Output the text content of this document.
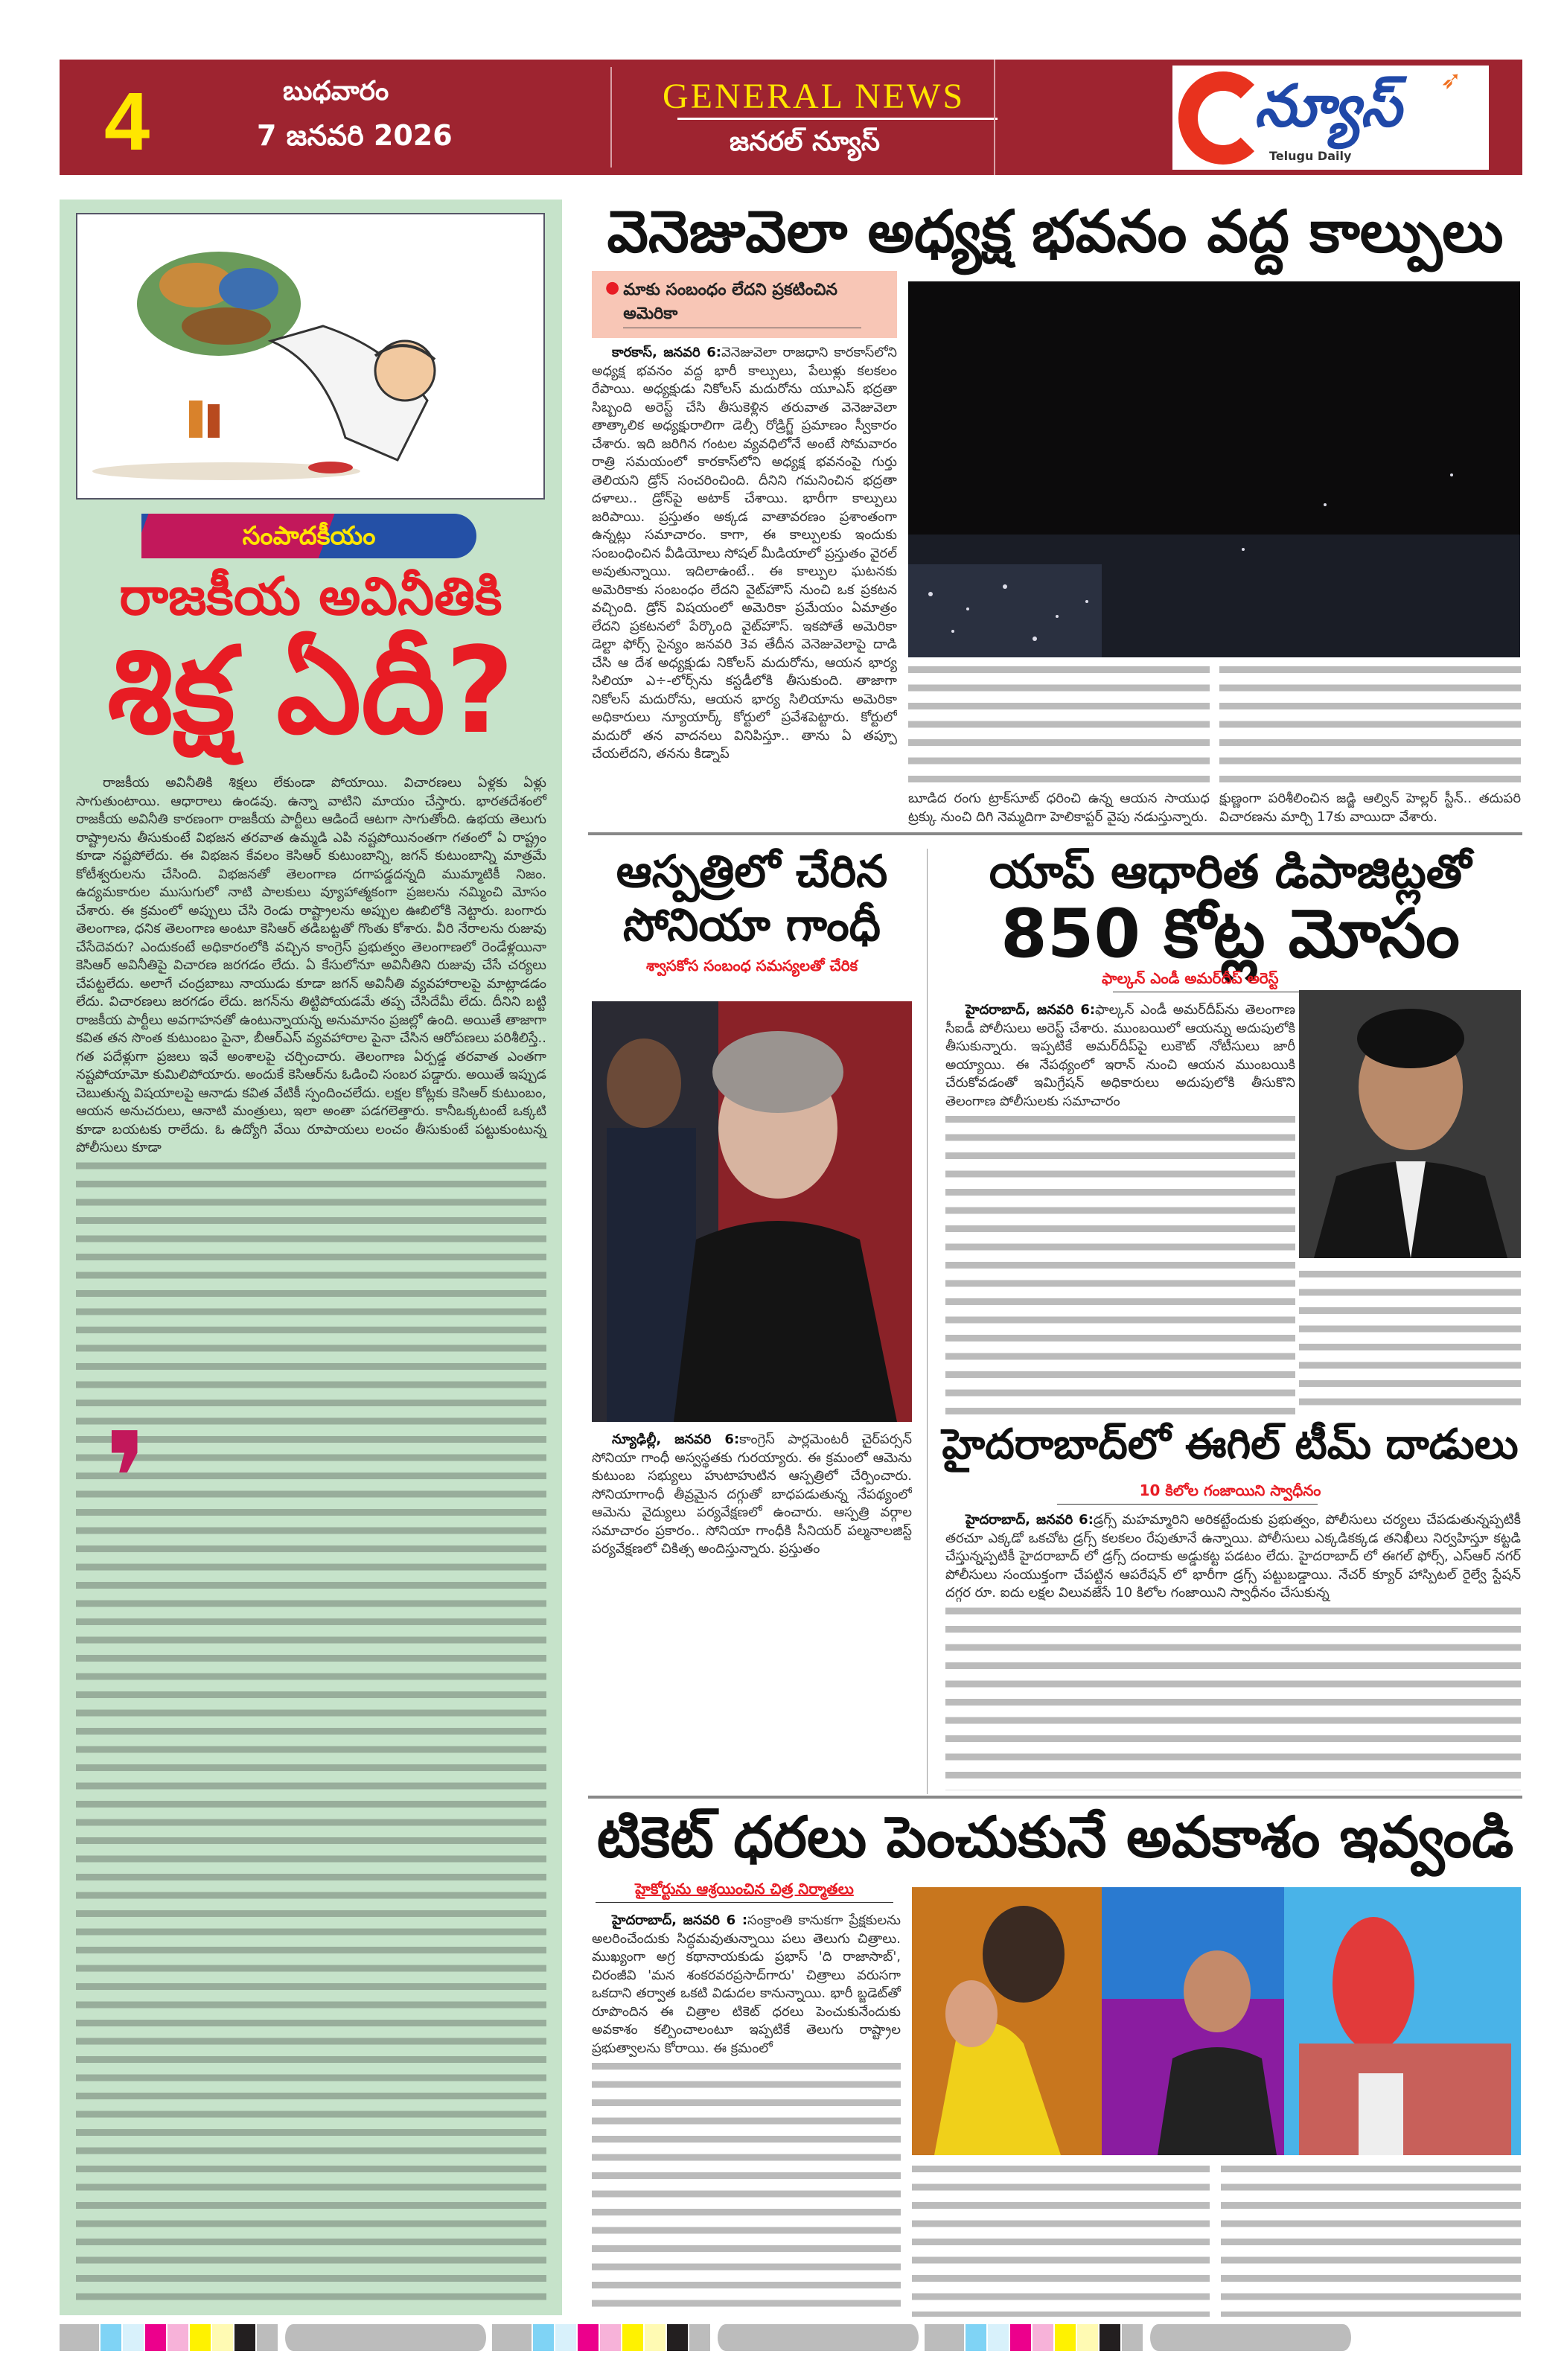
4	బుధవారం
7 జనవరి 2026
GENERAL NEWS
జనరల్ న్యూస్
న్యూస్ ➶
Telugu Daily
సంపాదకీయం
రాజకీయ అవినీతికి
శిక్ష ఏదీ?

రాజకీయ అవినీతికి శిక్షలు లేకుండా పోయాయి. విచారణలు ఏళ్లకు ఏళ్లు సాగుతుంటాయి. ఆధారాలు ఉండవు. ఉన్నా వాటిని మాయం చేస్తారు. భారతదేశంలో రాజకీయ అవినీతి కారణంగా రాజకీయ పార్టీలు ఆడిందే ఆటగా సాగుతోంది. ఉభయ తెలుగు రాష్ట్రాలను తీసుకుంటే విభజన తరవాత ఉమ్మడి ఎపి నష్టపోయినంతగా గతంలో ఏ రాష్ట్రం కూడా నష్టపోలేదు. ఈ విభజన కేవలం కెసిఆర్ కుటుంబాన్ని, జగన్ కుటుంబాన్ని మాత్రమే కోటీశ్వరులను చేసింది. విభజనతో తెలంగాణ దగాపడ్డదన్నది ముమ్మాటికీ నిజం. ఉద్యమకారుల ముసుగులో నాటి పాలకులు వ్యూహాత్మకంగా ప్రజలను నమ్మించి మోసం చేశారు. ఈ క్రమంలో అప్పులు చేసి రెండు రాష్ట్రాలను అప్పుల ఊబిలోకి నెట్టారు. బంగారు తెలంగాణ, ధనిక తెలంగాణ అంటూ కెసిఆర్ తడిబట్టతో గొంతు కోశారు. వీరి నేరాలను రుజువు చేసేదెవరు? ఎందుకంటే అధికారంలోకి వచ్చిన కాంగ్రెస్ ప్రభుత్వం తెలంగాణలో రెండేళ్లయినా కెసిఆర్ అవినీతిపై విచారణ జరగడం లేదు. ఏ కేసులోనూ అవినీతిని రుజువు చేసే చర్యలు చేపట్టలేదు. అలాగే చంద్రబాబు నాయుడు కూడా జగన్ అవినీతి వ్యవహారాలపై మాట్లాడడం లేదు. విచారణలు జరగడం లేదు. జగన్‌ను తిట్టిపోయడమే తప్ప చేసిదేమీ లేదు. దీనిని బట్టి రాజకీయ పార్టీలు అవగాహనతో ఉంటున్నాయన్న అనుమానం ప్రజల్లో ఉంది. అయితే తాజాగా కవిత తన సొంత కుటుంబం పైనా, బీఆర్‌ఎస్ వ్యవహారాల పైనా చేసిన ఆరోపణలు పరిశీలిస్తే.. గత పదేళ్లుగా ప్రజలు ఇవే అంశాలపై చర్చించారు. తెలంగాణ ఏర్పడ్డ తరవాత ఎంతగా నష్టపోయామో కుమిలిపోయారు. అందుకే కెసిఆర్‌ను ఓడించి సంబర పడ్డారు. అయితే ఇప్పుడ చెబుతున్న విషయాలపై ఆనాడు కవిత వేటికీ స్పందించలేదు. లక్షల కోట్లకు కెసిఆర్ కుటుంబం, ఆయన అనుచరులు, ఆనాటి మంత్రులు, ఇలా అంతా పడగలెత్తారు. కానీఒక్కటంటే ఒక్కటి కూడా బయటకు రాలేదు. ఓ ఉద్యోగి వేయి రూపాయలు లంచం తీసుకుంటే పట్టుకుంటున్న పోలీసులు కూడా

❜
వెనెజువెలా అధ్యక్ష భవనం వద్ద కాల్పులు
● మాకు సంబంధం లేదని ప్రకటించిన అమెరికా

కారకాస్, జనవరి 6:వెనెజువెలా రాజధాని కారకాస్‌లోని అధ్యక్ష భవనం వద్ద భారీ కాల్పులు, పేలుళ్లు కలకలం రేపాయి. అధ్యక్షుడు నికోలస్ మదురోను యూఎస్ భద్రతా సిబ్బంది అరెస్ట్ చేసి తీసుకెళ్లిన తరువాత వెనెజువెలా తాత్కాలిక అధ్యక్షురాలిగా డెల్సీ రోడ్రిగ్జ్ ప్రమాణం స్వీకారం చేశారు. ఇది జరిగిన గంటల వ్యవధిలోనే అంటే సోమవారం రాత్రి సమయంలో కారకాస్‌లోని అధ్యక్ష భవనంపై గుర్తు తెలియని డ్రోన్ సంచరించింది. దీనిని గమనించిన భద్రతా దళాలు.. డ్రోన్‌పై అటాక్ చేశాయి. భారీగా కాల్పులు జరిపాయి. ప్రస్తుతం అక్కడ వాతావరణం ప్రశాంతంగా ఉన్నట్లు సమాచారం. కాగా, ఈ కాల్పులకు ఇందుకు సంబంధించిన వీడియోలు సోషల్ మీడియాలో ప్రస్తుతం వైరల్ అవుతున్నాయి. ఇదిలాఉంటే.. ఈ కాల్పుల ఘటనకు అమెరికాకు సంబంధం లేదని వైట్‌హౌస్ నుంచి ఒక ప్రకటన వచ్చింది. డ్రోన్ విషయంలో అమెరికా ప్రమేయం ఏమాత్రం లేదని ప్రకటనలో పేర్కొంది వైట్‌హౌస్. ఇకపోతే అమెరికా డెల్టా ఫోర్స్ సైన్యం జనవరి 3వ తేదీన వెనెజువెలాపై దాడి చేసి ఆ దేశ అధ్యక్షుడు నికోలస్ మదురోను, ఆయన భార్య సిలియా ఎ÷-లోర్స్‌ను కస్టడీలోకి తీసుకుంది. తాజాగా నికోలస్ మదురోను, ఆయన భార్య సిలియాను అమెరికా అధికారులు న్యూయార్క్ కోర్టులో ప్రవేశపెట్టారు. కోర్టులో మదురో తన వాదనలు వినిపిస్తూ.. తాను ఏ తప్పూ చేయలేదని, తనను కిడ్నాప్

బూడిద రంగు ట్రాక్‌సూట్ ధరించి ఉన్న ఆయన సాయుధ ట్రక్కు నుంచి దిగి నెమ్మదిగా హెలికాప్టర్ వైపు నడుస్తున్నారు.

క్షుణ్ణంగా పరిశీలించిన జడ్జి ఆల్విన్ హెల్లర్ స్టీన్.. తదుపరి విచారణను మార్చి 17కు వాయిదా వేశారు.

ఆస్పత్రిలో చేరిన
సోనియా గాంధీ
శ్వాసకోస సంబంధ సమస్యలతో చేరిక

న్యూఢిల్లీ, జనవరి 6:కాంగ్రెస్ పార్లమెంటరీ చైర్‌పర్సన్ సోనియా గాంధీ అస్వస్థతకు గురయ్యారు. ఈ క్రమంలో ఆమెను కుటుంబ సభ్యులు హుటాహుటిన ఆస్పత్రిలో చేర్పించారు. సోనియాగాంధీ తీవ్రమైన దగ్గుతో బాధపడుతున్న నేపథ్యంలో ఆమెను వైద్యులు పర్యవేక్షణలో ఉంచారు. ఆస్పత్రి వర్గాల సమాచారం ప్రకారం.. సోనియా గాంధీకి సీనియర్ పల్మనాలజిస్ట్ పర్యవేక్షణలో చికిత్స అందిస్తున్నారు. ప్రస్తుతం

యాప్ ఆధారిత డిపాజిట్లతో
850 కోట్ల మోసం
ఫాల్కన్ ఎండీ అమర్‌దీప్ అరెస్ట్

హైదరాబాద్, జనవరి 6:ఫాల్కన్ ఎండీ అమర్‌దీప్‌ను తెలంగాణ సీఐడీ పోలీసులు అరెస్ట్ చేశారు. ముంబయిలో ఆయన్ను అదుపులోకి తీసుకున్నారు. ఇప్పటికే అమర్‌దీప్‌పై లుకౌట్ నోటీసులు జారీ అయ్యాయి. ఈ నేపథ్యంలో ఇరాన్ నుంచి ఆయన ముంబయికి చేరుకోవడంతో ఇమిగ్రేషన్ అధికారులు అదుపులోకి తీసుకొని తెలంగాణ పోలీసులకు సమాచారం

హైదరాబాద్‌లో ఈగిల్ టీమ్ దాడులు
10 కిలోల గంజాయిని స్వాధీనం

హైదరాబాద్, జనవరి 6:డ్రగ్స్ మహమ్మారిని అరికట్టేందుకు ప్రభుత్వం, పోలీసులు చర్యలు చేపడుతున్నప్పటికీ తరచూ ఎక్కడో ఒకచోట డ్రగ్స్ కలకలం రేపుతూనే ఉన్నాయి. పోలీసులు ఎక్కడికక్కడ తనిఖీలు నిర్వహిస్తూ కట్టడి చేస్తున్నప్పటికీ హైదరాబాద్ లో డ్రగ్స్ దందాకు అడ్డుకట్ట పడటం లేదు. హైదరాబాద్ లో ఈగల్ ఫోర్స్, ఎస్‌ఆర్ నగర్ పోలీసులు సంయుక్తంగా చేపట్టిన ఆపరేషన్ లో భారీగా డ్రగ్స్ పట్టుబడ్డాయి. నేచర్ క్యూర్ హాస్పిటల్ రైల్వే స్టేషన్ దగ్గర రూ. ఐదు లక్షల విలువజేసే 10 కిలోల గంజాయిని స్వాధీనం చేసుకున్న

టికెట్ ధరలు పెంచుకునే అవకాశం ఇవ్వండి
హైకోర్టును ఆశ్రయించిన చిత్ర నిర్మాతలు

హైదరాబాద్, జనవరి 6 :సంక్రాంతి కానుకగా ప్రేక్షకులను అలరించేందుకు సిద్ధమవుతున్నాయి పలు తెలుగు చిత్రాలు. ముఖ్యంగా అగ్ర కథానాయకుడు ప్రభాస్ 'ది రాజాసాబ్', చిరంజీవి 'మన శంకరవరప్రసాద్‌గారు' చిత్రాలు వరుసగా ఒకదాని తర్వాత ఒకటి విడుదల కానున్నాయి. భారీ బ్జడెట్‌తో రూపొందిన ఈ చిత్రాల టికెట్ ధరలు పెంచుకునేందుకు అవకాశం కల్పించాలంటూ ఇప్పటికే తెలుగు రాష్ట్రాల ప్రభుత్వాలను కోరాయి. ఈ క్రమంలో
